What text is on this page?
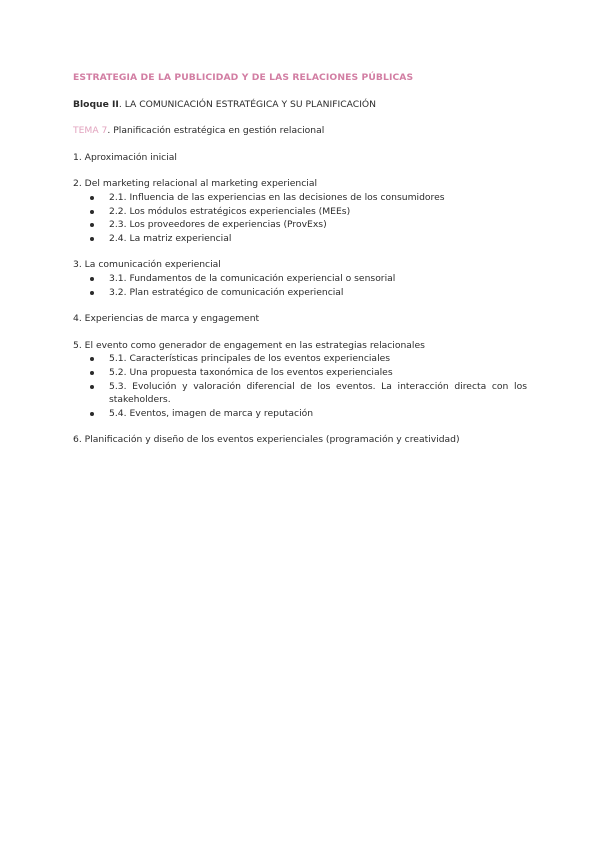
ESTRATEGIA DE LA PUBLICIDAD Y DE LAS RELACIONES PÚBLICAS
Bloque II. LA COMUNICACIÓN ESTRATÉGICA Y SU PLANIFICACIÓN
TEMA 7. Planificación estratégica en gestión relacional
1. Aproximación inicial
2. Del marketing relacional al marketing experiencial
2.1. Influencia de las experiencias en las decisiones de los consumidores
2.2. Los módulos estratégicos experienciales (MEEs)
2.3. Los proveedores de experiencias (ProvExs)
2.4. La matriz experiencial
3. La comunicación experiencial
3.1. Fundamentos de la comunicación experiencial o sensorial
3.2. Plan estratégico de comunicación experiencial
4. Experiencias de marca y engagement
5. El evento como generador de engagement en las estrategias relacionales
5.1. Características principales de los eventos experienciales
5.2. Una propuesta taxonómica de los eventos experienciales
5.3. Evolución y valoración diferencial de los eventos. La interacción directa con los stakeholders.
5.4. Eventos, imagen de marca y reputación
6. Planificación y diseño de los eventos experienciales (programación y creatividad)
